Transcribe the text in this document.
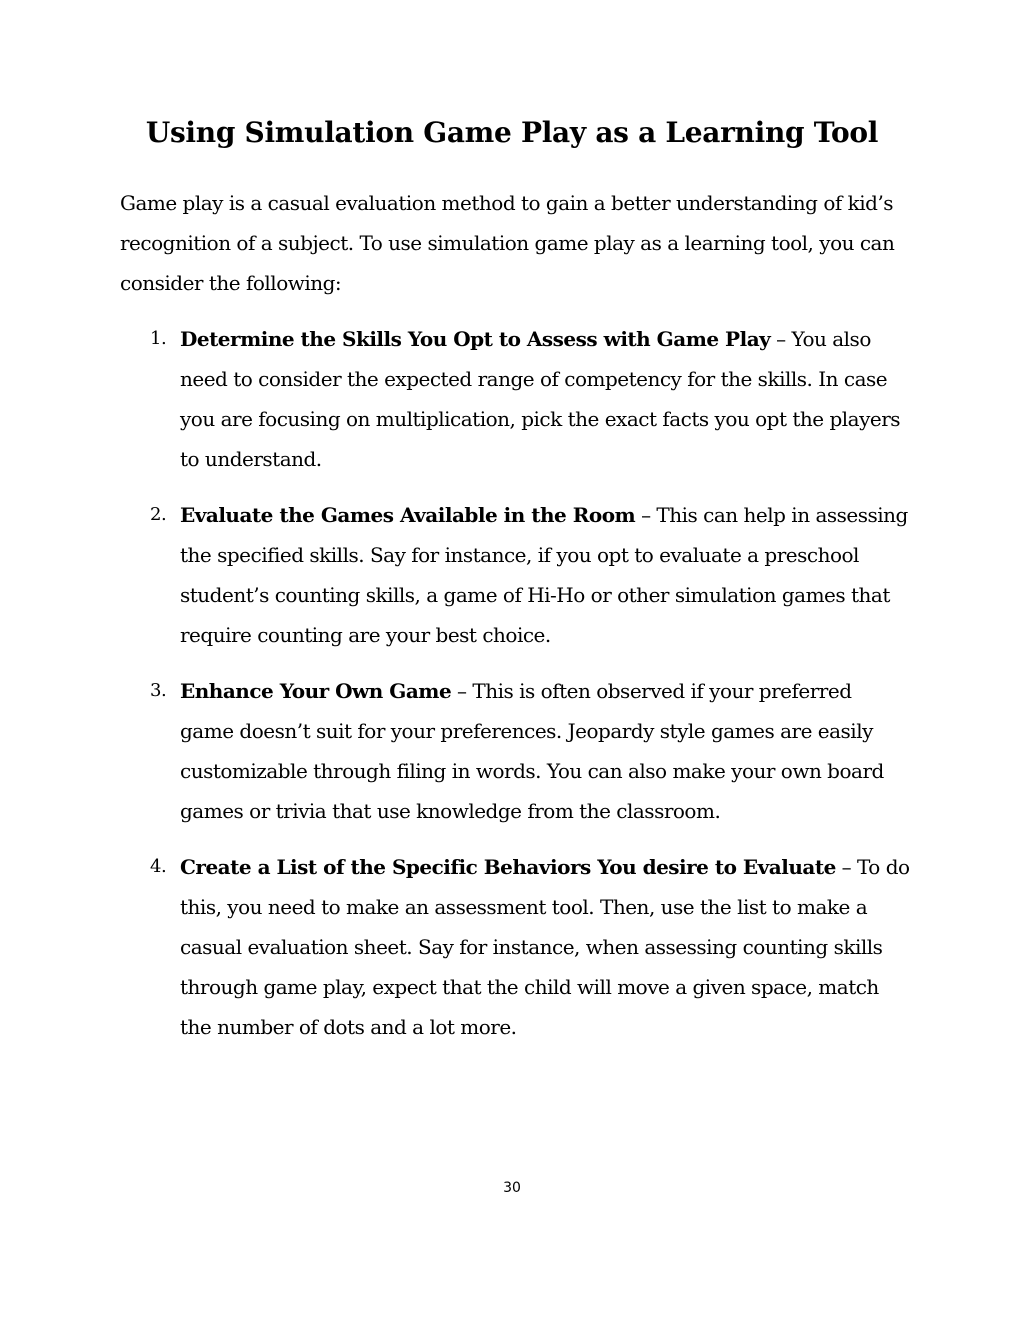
Using Simulation Game Play as a Learning Tool

Game play is a casual evaluation method to gain a better understanding of kid’s recognition of a subject. To use simulation game play as a learning tool, you can consider the following:

1. Determine the Skills You Opt to Assess with Game Play – You also need to consider the expected range of competency for the skills. In case you are focusing on multiplication, pick the exact facts you opt the players to understand.
2. Evaluate the Games Available in the Room – This can help in assessing the specified skills. Say for instance, if you opt to evaluate a preschool student’s counting skills, a game of Hi-Ho or other simulation games that require counting are your best choice.
3. Enhance Your Own Game – This is often observed if your preferred game doesn’t suit for your preferences. Jeopardy style games are easily customizable through filing in words. You can also make your own board games or trivia that use knowledge from the classroom.
4. Create a List of the Specific Behaviors You desire to Evaluate – To do this, you need to make an assessment tool. Then, use the list to make a casual evaluation sheet. Say for instance, when assessing counting skills through game play, expect that the child will move a given space, match the number of dots and a lot more.
30
